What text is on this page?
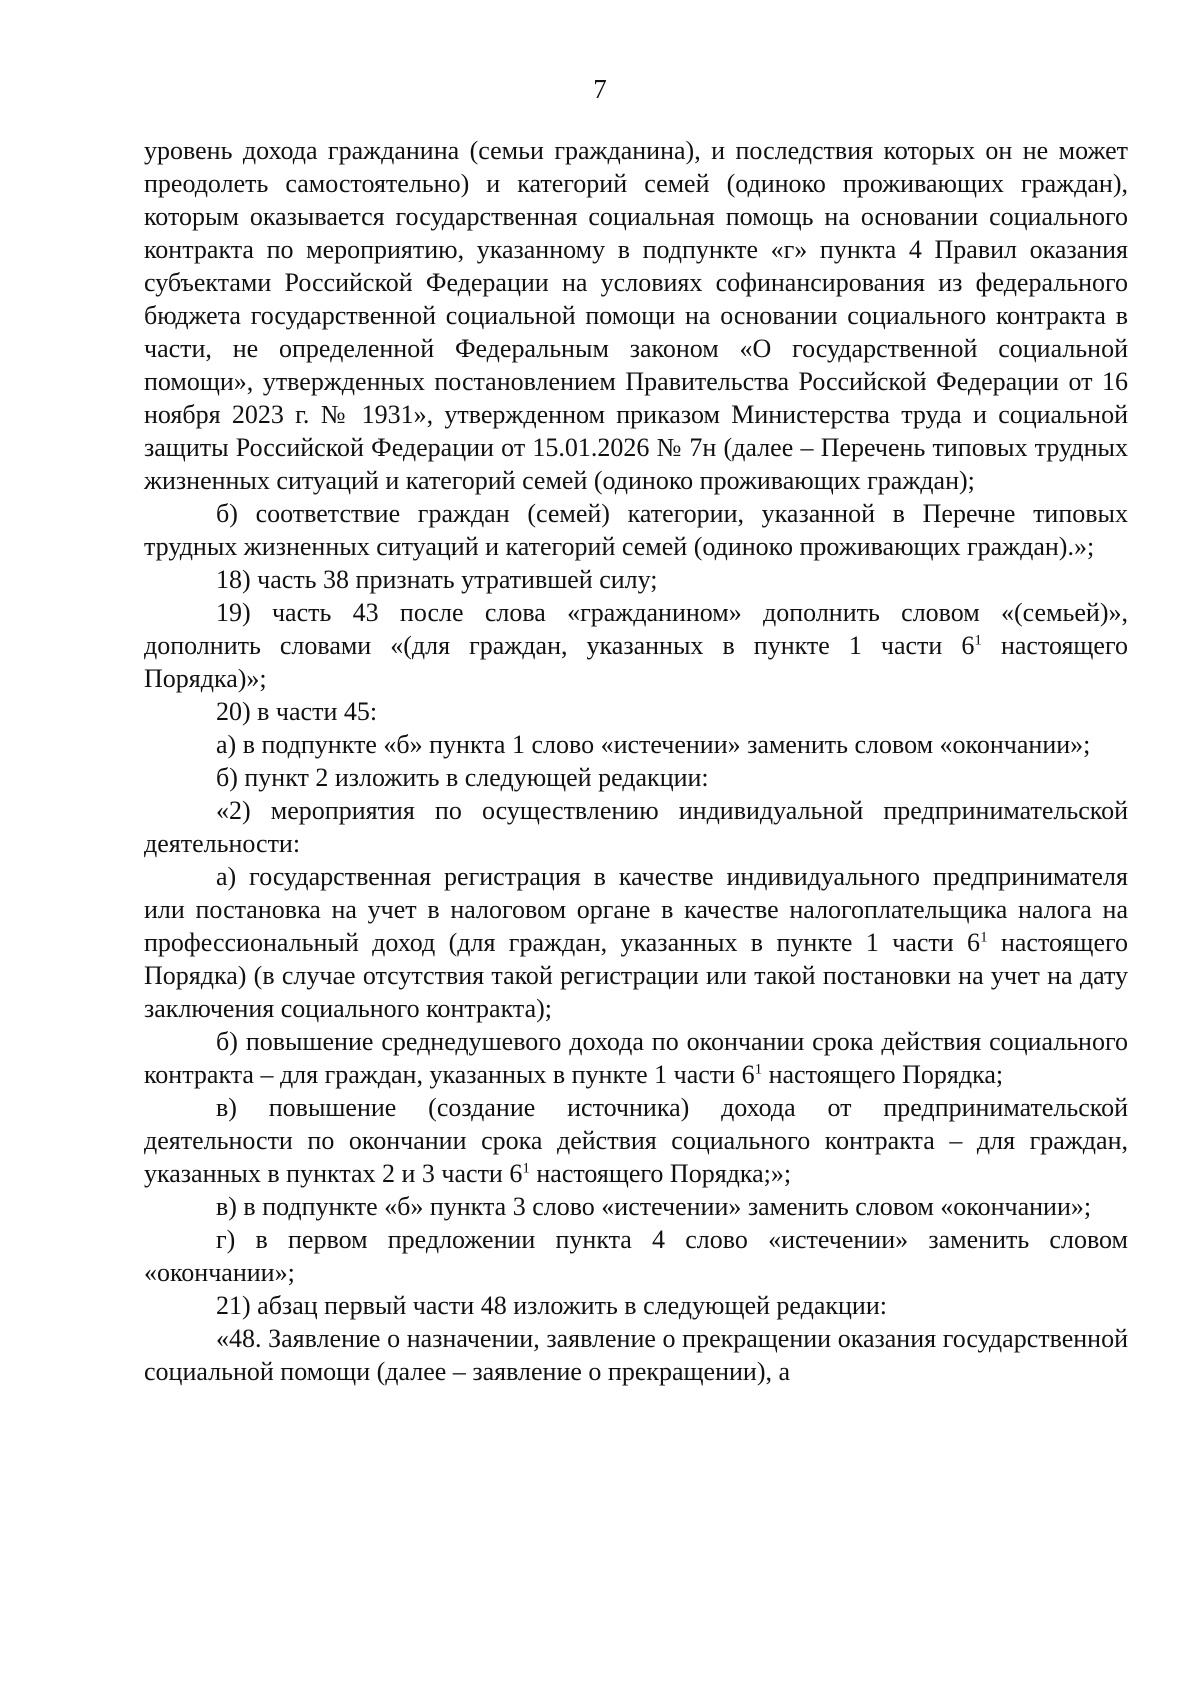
7

уровень дохода гражданина (семьи гражданина), и последствия которых он не может преодолеть самостоятельно) и категорий семей (одиноко проживающих граждан), которым оказывается государственная социальная помощь на основании социального контракта по мероприятию, указанному в подпункте «г» пункта 4 Правил оказания субъектами Российской Федерации на условиях софинансирования из федерального бюджета государственной социальной помощи на основании социального контракта в части, не определенной Федеральным законом «О государственной социальной помощи», утвержденных постановлением Правительства Российской Федерации от 16 ноября 2023 г. № 1931», утвержденном приказом Министерства труда и социальной защиты Российской Федерации от 15.01.2026 № 7н (далее – Перечень типовых трудных жизненных ситуаций и категорий семей (одиноко проживающих граждан);

б) соответствие граждан (семей) категории, указанной в Перечне типовых трудных жизненных ситуаций и категорий семей (одиноко проживающих граждан).»;

18) часть 38 признать утратившей силу;

19) часть 43 после слова «гражданином» дополнить словом «(семьей)», дополнить словами «(для граждан, указанных в пункте 1 части $6^1$ настоящего Порядка)»;

20) в части 45:

а) в подпункте «б» пункта 1 слово «истечении» заменить словом «окончании»;

б) пункт 2 изложить в следующей редакции:

«2) мероприятия по осуществлению индивидуальной предпринимательской деятельности:

а) государственная регистрация в качестве индивидуального предпринимателя или постановка на учет в налоговом органе в качестве налогоплательщика налога на профессиональный доход (для граждан, указанных в пункте 1 части $6^1$ настоящего Порядка) (в случае отсутствия такой регистрации или такой постановки на учет на дату заключения социального контракта);

б) повышение среднедушевого дохода по окончании срока действия социального контракта – для граждан, указанных в пункте 1 части $6^1$ настоящего Порядка;

в) повышение (создание источника) дохода от предпринимательской деятельности по окончании срока действия социального контракта – для граждан, указанных в пунктах 2 и 3 части $6^1$ настоящего Порядка;»;

в) в подпункте «б» пункта 3 слово «истечении» заменить словом «окончании»;

г) в первом предложении пункта 4 слово «истечении» заменить словом «окончании»;

21) абзац первый части 48 изложить в следующей редакции:

«48. Заявление о назначении, заявление о прекращении оказания государственной социальной помощи (далее – заявление о прекращении), а
